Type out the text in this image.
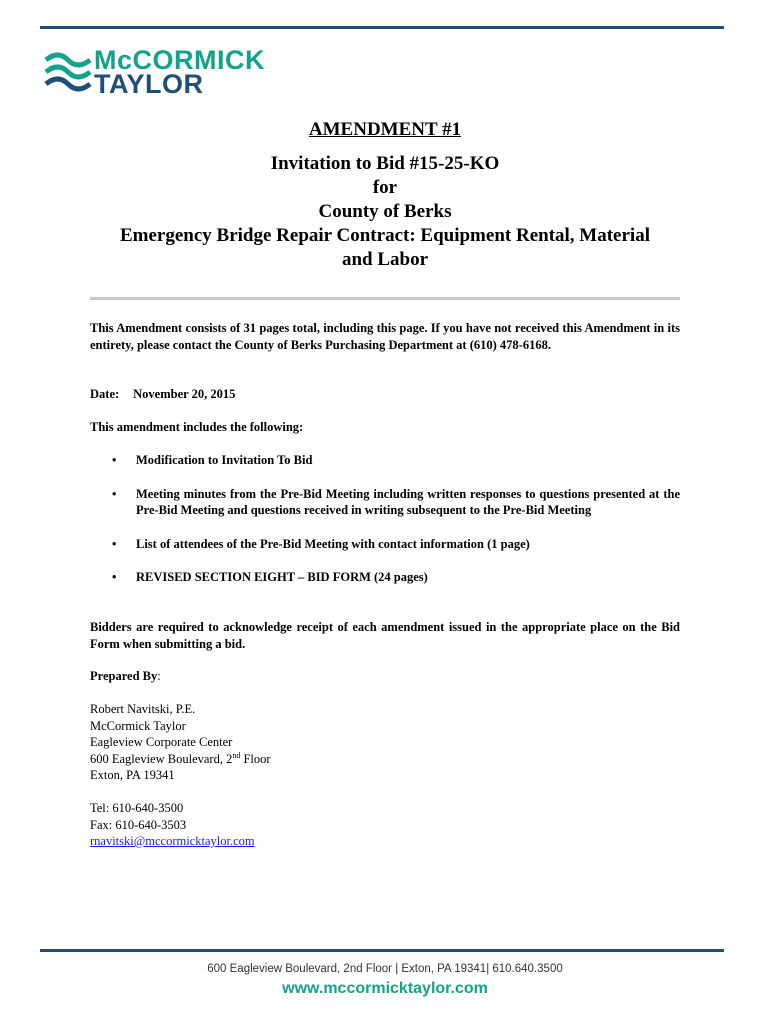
McCORMICK
TAYLOR
AMENDMENT #1
Invitation to Bid #15-25-KO
for
County of Berks
Emergency Bridge Repair Contract: Equipment Rental, Material
and Labor
This Amendment consists of 31 pages total, including this page. If you have not received this Amendment in its entirety, please contact the County of Berks Purchasing Department at (610) 478-6168.
Date: November 20, 2015
This amendment includes the following:
• Modification to Invitation To Bid
• Meeting minutes from the Pre-Bid Meeting including written responses to questions presented at the Pre-Bid Meeting and questions received in writing subsequent to the Pre-Bid Meeting
• List of attendees of the Pre-Bid Meeting with contact information (1 page)
• REVISED SECTION EIGHT – BID FORM (24 pages)
Bidders are required to acknowledge receipt of each amendment issued in the appropriate place on the Bid Form when submitting a bid.
Prepared By:
Robert Navitski, P.E.
McCormick Taylor
Eagleview Corporate Center
600 Eagleview Boulevard, 2nd Floor
Exton, PA 19341
Tel: 610-640-3500
Fax: 610-640-3503
rnavitski@mccormicktaylor.com
600 Eagleview Boulevard, 2nd Floor | Exton, PA 19341| 610.640.3500
www.mccormicktaylor.com
